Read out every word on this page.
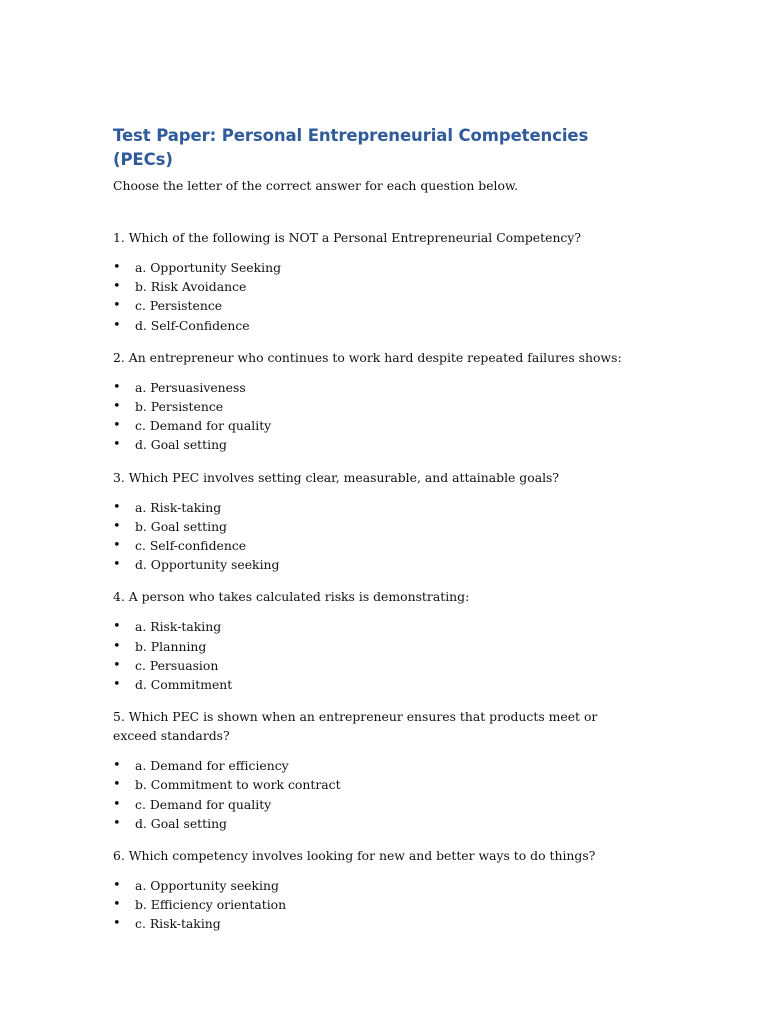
Test Paper: Personal Entrepreneurial Competencies (PECs)

Choose the letter of the correct answer for each question below.

1. Which of the following is NOT a Personal Entrepreneurial Competency?

• a. Opportunity Seeking
• b. Risk Avoidance
• c. Persistence
• d. Self-Confidence

2. An entrepreneur who continues to work hard despite repeated failures shows:

• a. Persuasiveness
• b. Persistence
• c. Demand for quality
• d. Goal setting

3. Which PEC involves setting clear, measurable, and attainable goals?

• a. Risk-taking
• b. Goal setting
• c. Self-confidence
• d. Opportunity seeking

4. A person who takes calculated risks is demonstrating:

• a. Risk-taking
• b. Planning
• c. Persuasion
• d. Commitment

5. Which PEC is shown when an entrepreneur ensures that products meet or exceed standards?

• a. Demand for efficiency
• b. Commitment to work contract
• c. Demand for quality
• d. Goal setting

6. Which competency involves looking for new and better ways to do things?

• a. Opportunity seeking
• b. Efficiency orientation
• c. Risk-taking
